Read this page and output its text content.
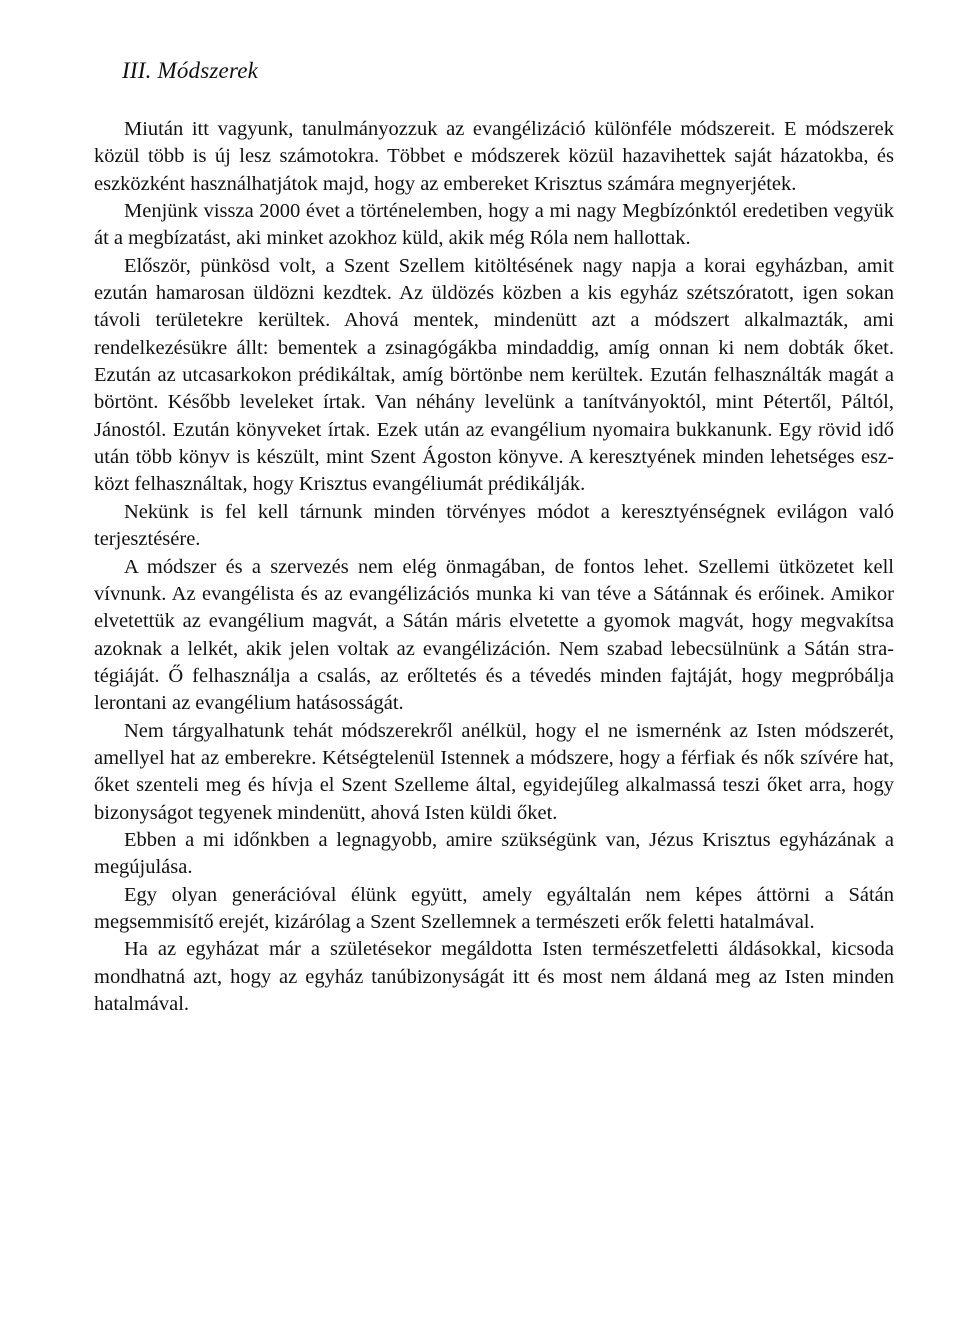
III. Módszerek

Miután itt vagyunk, tanulmányozzuk az evangélizáció különféle módszereit. E módszerek közül több is új lesz számotokra. Többet e módszerek közül hazavihettek saját házatokba, és eszközként használhatjátok majd, hogy az embereket Krisztus számára megnyerjétek.

Menjünk vissza 2000 évet a történelemben, hogy a mi nagy Megbízónktól eredetiben vegyük át a megbízatást, aki minket azokhoz küld, akik még Róla nem hallottak.

Először, pünkösd volt, a Szent Szellem kitöltésének nagy napja a korai egyházban, amit ezután hamarosan üldözni kezdtek. Az üldözés közben a kis egyház szétszóratott, igen sokan távoli területekre kerültek. Ahová mentek, mindenütt azt a módszert alkalmazták, ami rendelkezésükre állt: bementek a zsinagógákba mindaddig, amíg onnan ki nem dobták őket. Ezután az utcasarkokon prédikáltak, amíg börtönbe nem kerültek. Ezután felhasználták magát a börtönt. Később leveleket írtak. Van néhány levelünk a tanítványoktól, mint Pétertől, Páltól, Jánostól. Ezután könyveket írtak. Ezek után az evangélium nyomaira bukkanunk. Egy rövid idő után több könyv is készült, mint Szent Ágoston könyve. A keresztyének minden lehetséges eszközt felhasználtak, hogy Krisztus evangéliumát prédikálják.

Nekünk is fel kell tárnunk minden törvényes módot a keresztyénségnek evilágon való terjesztésére.

A módszer és a szervezés nem elég önmagában, de fontos lehet. Szellemi ütközetet kell vívnunk. Az evangélista és az evangélizációs munka ki van téve a Sátánnak és erőinek. Amikor elvetettük az evangélium magvát, a Sátán máris elvetette a gyomok magvát, hogy megvakítsa azoknak a lelkét, akik jelen voltak az evangélizáción. Nem szabad lebecsülnünk a Sátán stratégiáját. Ő felhasználja a csalás, az erőltetés és a tévedés minden fajtáját, hogy megpróbálja lerontani az evangélium hatásosságát.

Nem tárgyalhatunk tehát módszerekről anélkül, hogy el ne ismernénk az Isten módszerét, amellyel hat az emberekre. Kétségtelenül Istennek a módszere, hogy a férfiak és nők szívére hat, őket szenteli meg és hívja el Szent Szelleme által, egyidejűleg alkalmassá teszi őket arra, hogy bizonyságot tegyenek mindenütt, ahová Isten küldi őket.

Ebben a mi időnkben a legnagyobb, amire szükségünk van, Jézus Krisztus egyházának a megújulása.

Egy olyan generációval élünk együtt, amely egyáltalán nem képes áttörni a Sátán megsemmisítő erejét, kizárólag a Szent Szellemnek a természeti erők feletti hatalmával.

Ha az egyházat már a születésekor megáldotta Isten természetfeletti áldásokkal, kicsoda mondhatná azt, hogy az egyház tanúbizonyságát itt és most nem áldaná meg az Isten minden hatalmával.
